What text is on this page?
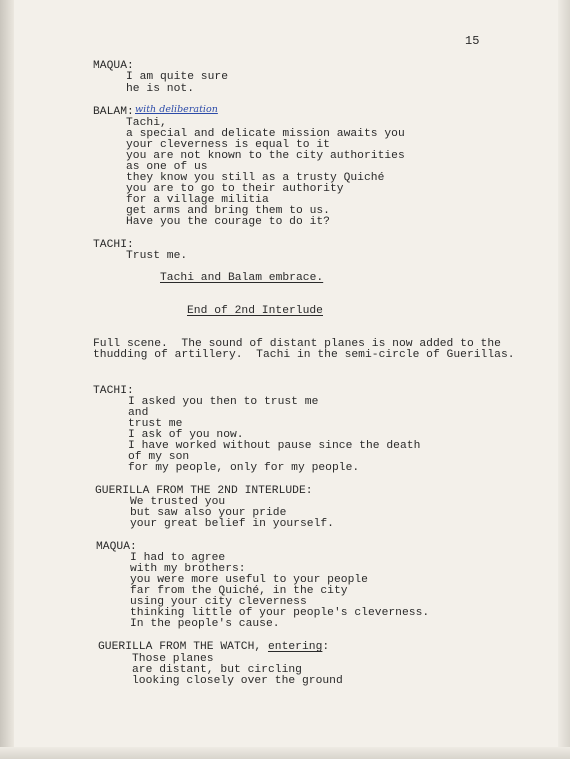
15
MAQUA:
I am quite sure
he is not.
BALAM: with deliberation
Tachi,
a special and delicate mission awaits you
your cleverness is equal to it
you are not known to the city authorities
as one of us
they know you still as a trusty Quiché
you are to go to their authority
for a village militia
get arms and bring them to us.
Have you the courage to do it?
TACHI:
Trust me.
Tachi and Balam embrace.
End of 2nd Interlude
Full scene.  The sound of distant planes is now added to the
thudding of artillery.  Tachi in the semi-circle of Guerillas.
TACHI:
I asked you then to trust me
and
trust me
I ask of you now.
I have worked without pause since the death
of my son
for my people, only for my people.
GUERILLA FROM THE 2ND INTERLUDE:
We trusted you
but saw also your pride
your great belief in yourself.
MAQUA:
I had to agree
with my brothers:
you were more useful to your people
far from the Quiché, in the city
using your city cleverness
thinking little of your people's cleverness.
In the people's cause.
GUERILLA FROM THE WATCH, entering:
Those planes
are distant, but circling
looking closely over the ground
